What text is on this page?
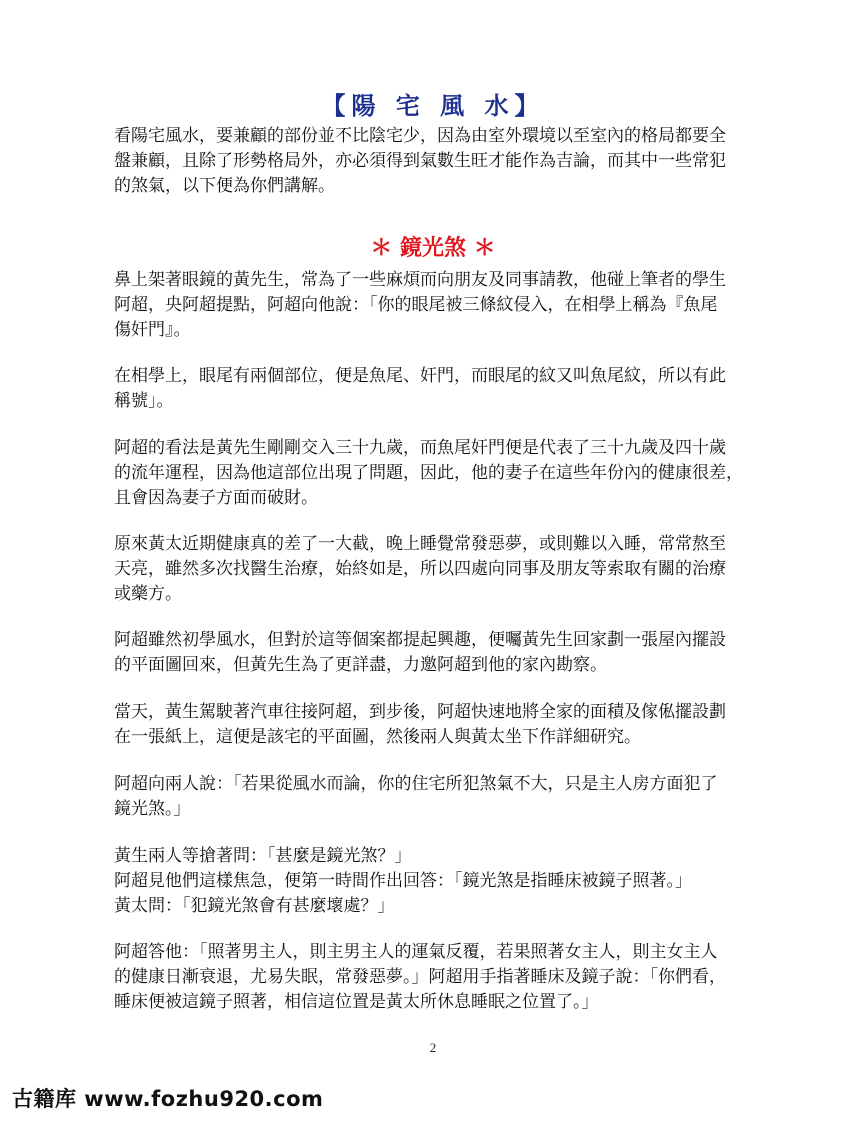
【陽 宅 風 水】

看陽宅風水，要兼顧的部份並不比陰宅少，因為由室外環境以至室內的格局都要全
盤兼顧，且除了形勢格局外，亦必須得到氣數生旺才能作為吉論，而其中一些常犯
的煞氣，以下便為你們講解。

＊ 鏡光煞 ＊

鼻上架著眼鏡的黃先生，常為了一些麻煩而向朋友及同事請教，他碰上筆者的學生
阿超，央阿超提點，阿超向他說：「你的眼尾被三條紋侵入，在相學上稱為『魚尾
傷奸門』。

在相學上，眼尾有兩個部位，便是魚尾、奸門，而眼尾的紋又叫魚尾紋，所以有此
稱號」。

阿超的看法是黃先生剛剛交入三十九歲，而魚尾奸門便是代表了三十九歲及四十歲
的流年運程，因為他這部位出現了問題，因此，他的妻子在這些年份內的健康很差，
且會因為妻子方面而破財。

原來黃太近期健康真的差了一大截，晚上睡覺常發惡夢，或則難以入睡，常常熬至
天亮，雖然多次找醫生治療，始終如是，所以四處向同事及朋友等索取有關的治療
或藥方。

阿超雖然初學風水，但對於這等個案都提起興趣，便囑黃先生回家劃一張屋內擺設
的平面圖回來，但黃先生為了更詳盡，力邀阿超到他的家內勘察。

當天，黃生駕駛著汽車往接阿超，到步後，阿超快速地將全家的面積及傢俬擺設劃
在一張紙上，這便是該宅的平面圖，然後兩人與黃太坐下作詳細研究。

阿超向兩人說：「若果從風水而論，你的住宅所犯煞氣不大，只是主人房方面犯了
鏡光煞。」

黃生兩人等搶著問：「甚麼是鏡光煞？」
阿超見他們這樣焦急，便第一時間作出回答：「鏡光煞是指睡床被鏡子照著。」
黃太問：「犯鏡光煞會有甚麼壞處？」

阿超答他：「照著男主人，則主男主人的運氣反覆，若果照著女主人，則主女主人
的健康日漸衰退，尤易失眠，常發惡夢。」阿超用手指著睡床及鏡子說：「你們看，
睡床便被這鏡子照著，相信這位置是黃太所休息睡眠之位置了。」

2
古籍库 www.fozhu920.com
